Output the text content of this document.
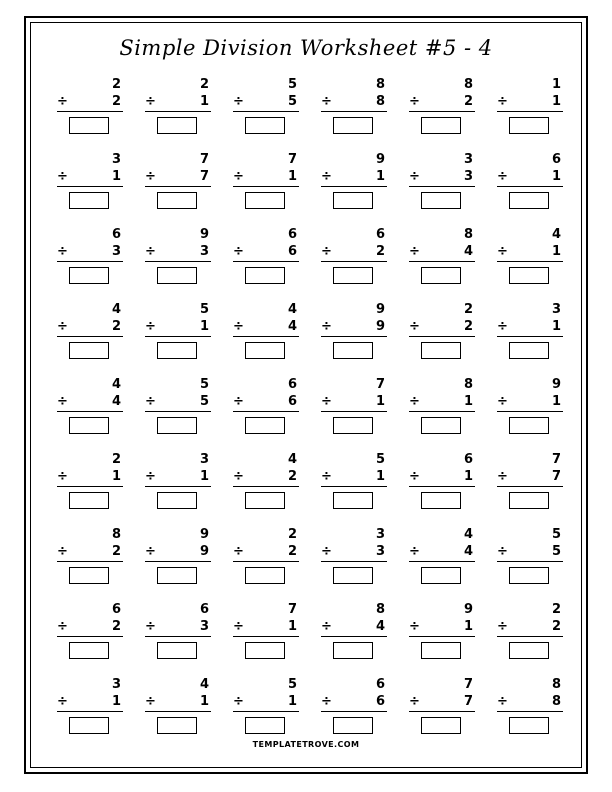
Simple Division Worksheet #5 - 4
2
÷	2
2
÷	1
5
÷	5
8
÷	8
8
÷	2
1
÷	1
3
÷	1
7
÷	7
7
÷	1
9
÷	1
3
÷	3
6
÷	1
6
÷	3
9
÷	3
6
÷	6
6
÷	2
8
÷	4
4
÷	1
4
÷	2
5
÷	1
4
÷	4
9
÷	9
2
÷	2
3
÷	1
4
÷	4
5
÷	5
6
÷	6
7
÷	1
8
÷	1
9
÷	1
2
÷	1
3
÷	1
4
÷	2
5
÷	1
6
÷	1
7
÷	7
8
÷	2
9
÷	9
2
÷	2
3
÷	3
4
÷	4
5
÷	5
6
÷	2
6
÷	3
7
÷	1
8
÷	4
9
÷	1
2
÷	2
3
÷	1
4
÷	1
5
÷	1
6
÷	6
7
÷	7
8
÷	8
TEMPLATETROVE.COM
